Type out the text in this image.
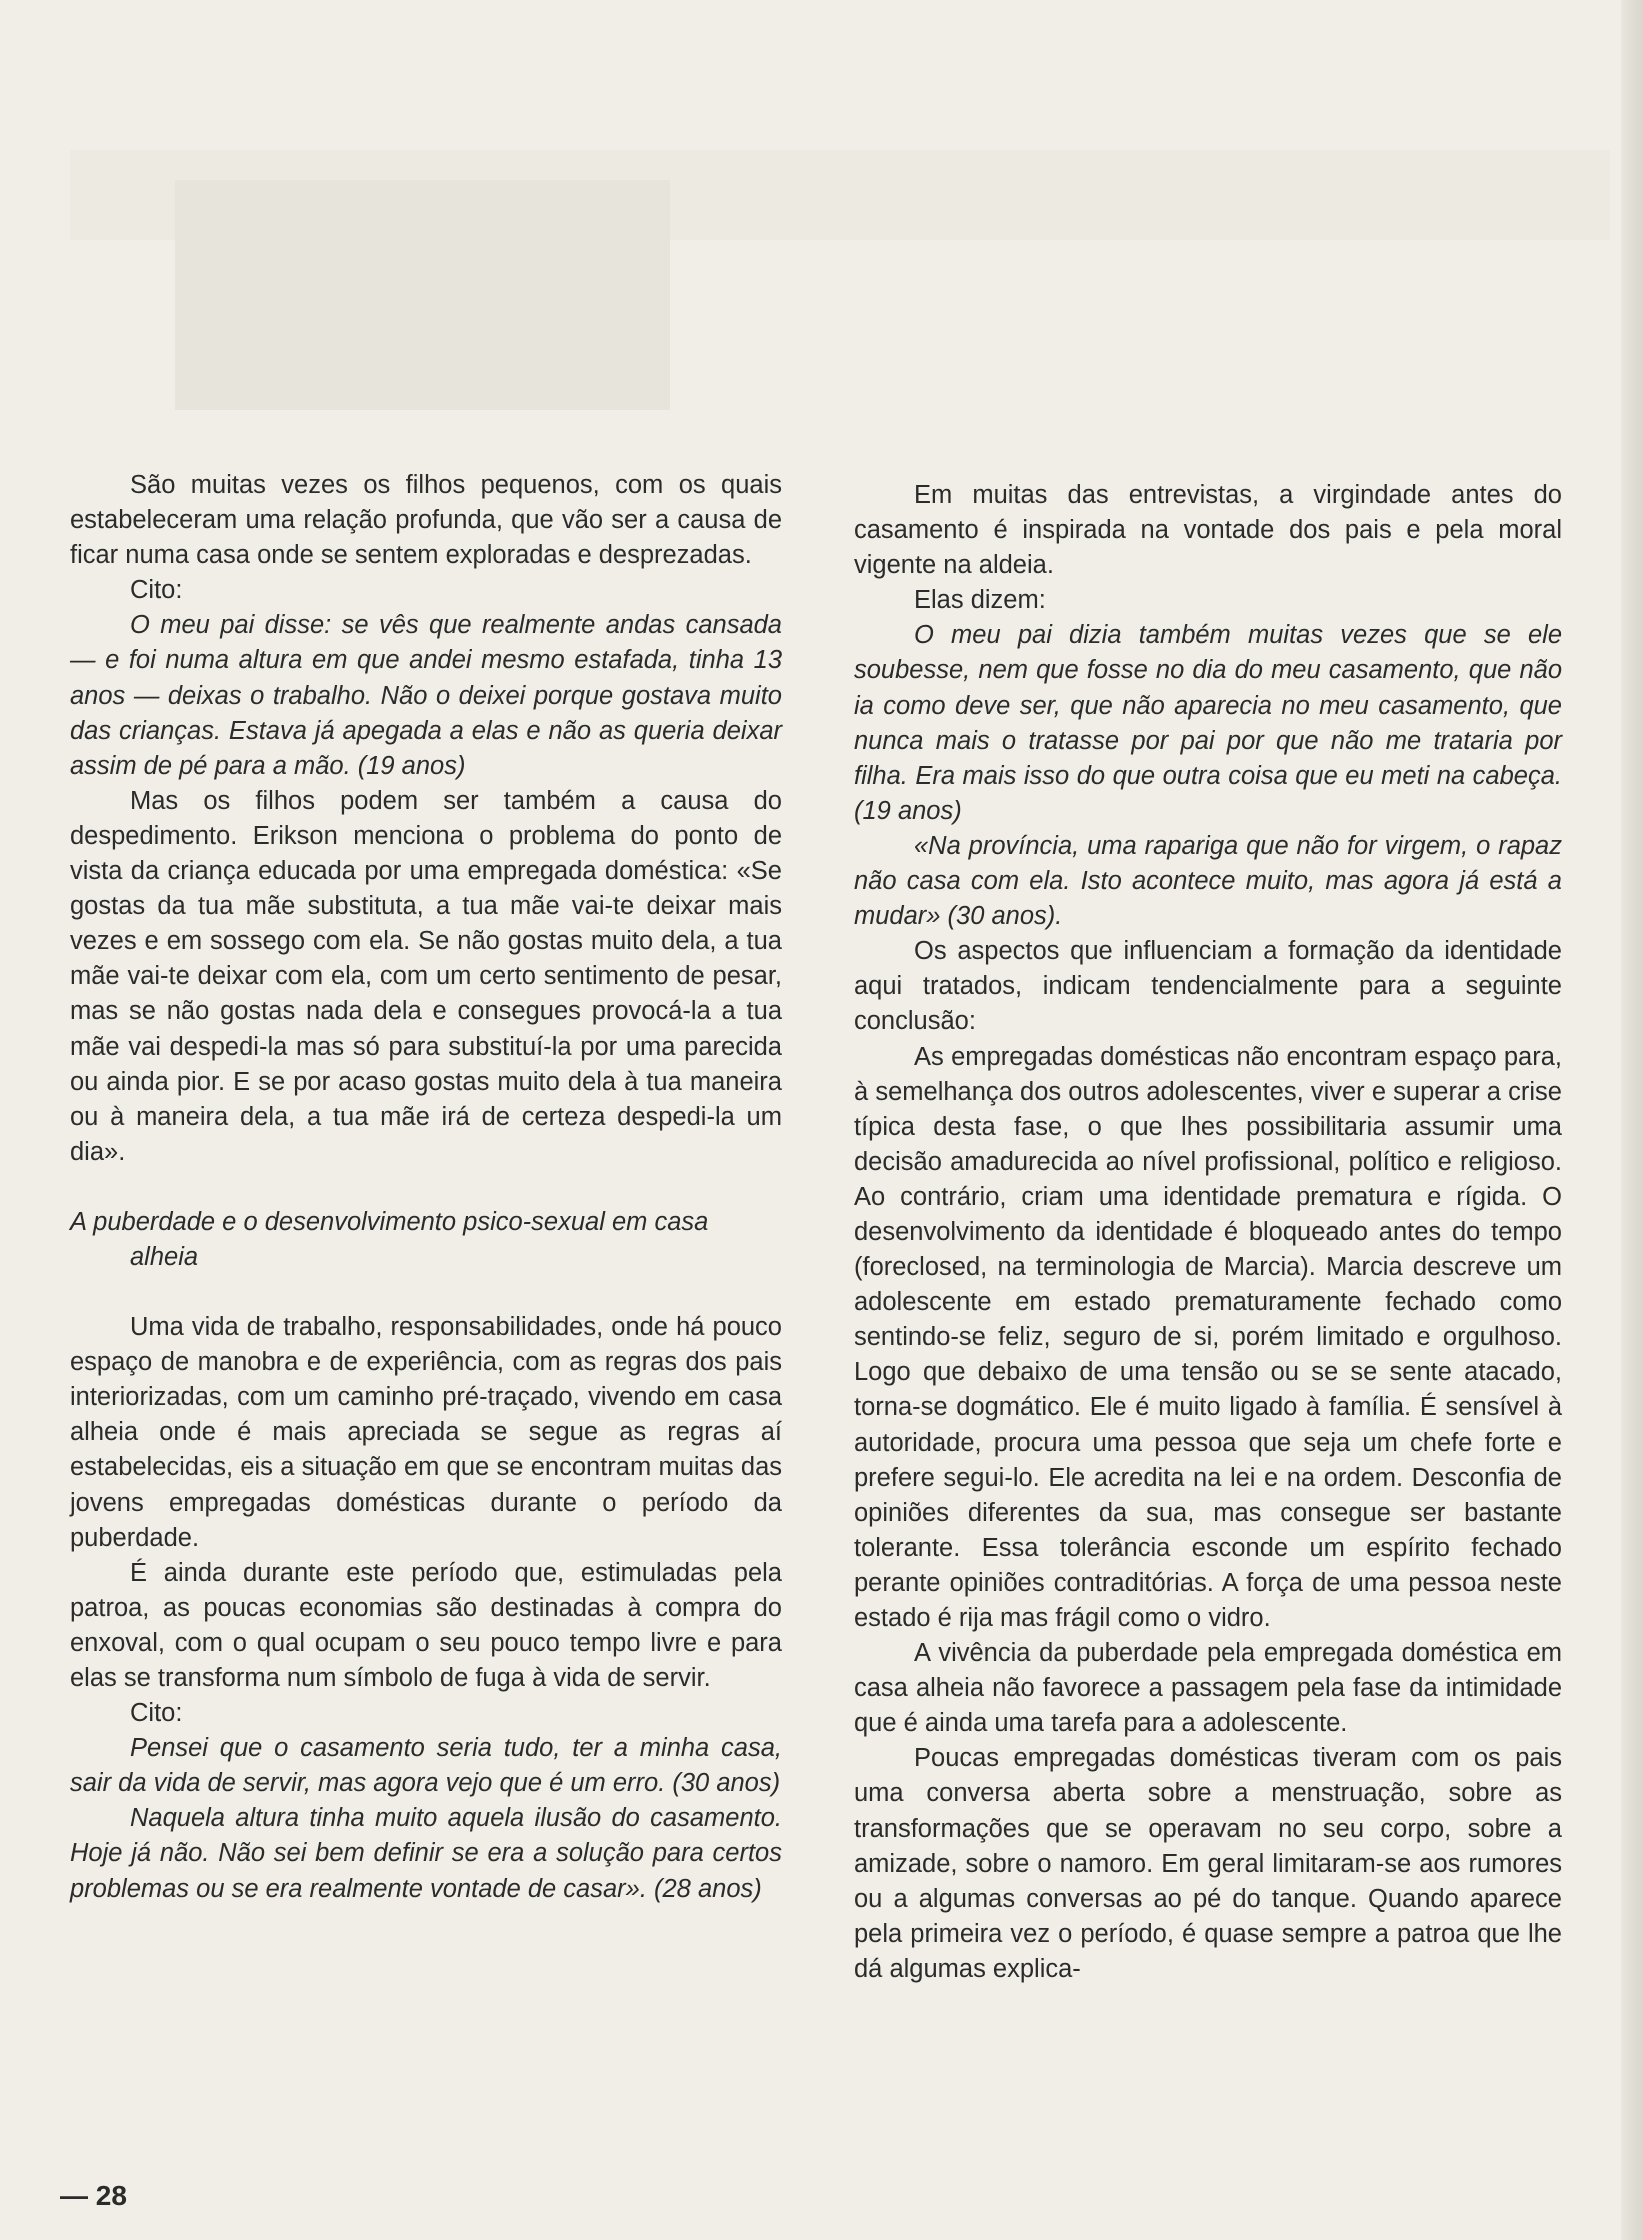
São muitas vezes os filhos pequenos, com os quais estabeleceram uma relação profunda, que vão ser a causa de ficar numa casa onde se sentem exploradas e desprezadas.

Cito:

O meu pai disse: se vês que realmente andas cansada — e foi numa altura em que andei mesmo estafada, tinha 13 anos — deixas o trabalho. Não o deixei porque gostava muito das crianças. Estava já apegada a elas e não as queria deixar assim de pé para a mão. (19 anos)

Mas os filhos podem ser também a causa do despedimento. Erikson menciona o problema do ponto de vista da criança educada por uma empregada doméstica: «Se gostas da tua mãe substituta, a tua mãe vai-te deixar mais vezes e em sossego com ela. Se não gostas muito dela, a tua mãe vai-te deixar com ela, com um certo sentimento de pesar, mas se não gostas nada dela e consegues provocá-la a tua mãe vai despedi-la mas só para substituí-la por uma parecida ou ainda pior. E se por acaso gostas muito dela à tua maneira ou à maneira dela, a tua mãe irá de certeza despedi-la um dia».

A puberdade e o desenvolvimento psico-sexual em casa alheia

Uma vida de trabalho, responsabilidades, onde há pouco espaço de manobra e de experiência, com as regras dos pais interiorizadas, com um caminho pré-traçado, vivendo em casa alheia onde é mais apreciada se segue as regras aí estabelecidas, eis a situação em que se encontram muitas das jovens empregadas domésticas durante o período da puberdade.

É ainda durante este período que, estimuladas pela patroa, as poucas economias são destinadas à compra do enxoval, com o qual ocupam o seu pouco tempo livre e para elas se transforma num símbolo de fuga à vida de servir.

Cito:

Pensei que o casamento seria tudo, ter a minha casa, sair da vida de servir, mas agora vejo que é um erro. (30 anos)

Naquela altura tinha muito aquela ilusão do casamento. Hoje já não. Não sei bem definir se era a solução para certos problemas ou se era realmente vontade de casar». (28 anos)

Em muitas das entrevistas, a virgindade antes do casamento é inspirada na vontade dos pais e pela moral vigente na aldeia.

Elas dizem:

O meu pai dizia também muitas vezes que se ele soubesse, nem que fosse no dia do meu casamento, que não ia como deve ser, que não aparecia no meu casamento, que nunca mais o tratasse por pai por que não me trataria por filha. Era mais isso do que outra coisa que eu meti na cabeça. (19 anos)

«Na província, uma rapariga que não for virgem, o rapaz não casa com ela. Isto acontece muito, mas agora já está a mudar» (30 anos).

Os aspectos que influenciam a formação da identidade aqui tratados, indicam tendencialmente para a seguinte conclusão:

As empregadas domésticas não encontram espaço para, à semelhança dos outros adolescentes, viver e superar a crise típica desta fase, o que lhes possibilitaria assumir uma decisão amadurecida ao nível profissional, político e religioso. Ao contrário, criam uma identidade prematura e rígida. O desenvolvimento da identidade é bloqueado antes do tempo (foreclosed, na terminologia de Marcia). Marcia descreve um adolescente em estado prematuramente fechado como sentindo-se feliz, seguro de si, porém limitado e orgulhoso. Logo que debaixo de uma tensão ou se se sente atacado, torna-se dogmático. Ele é muito ligado à família. É sensível à autoridade, procura uma pessoa que seja um chefe forte e prefere segui-lo. Ele acredita na lei e na ordem. Desconfia de opiniões diferentes da sua, mas consegue ser bastante tolerante. Essa tolerância esconde um espírito fechado perante opiniões contraditórias. A força de uma pessoa neste estado é rija mas frágil como o vidro.

A vivência da puberdade pela empregada doméstica em casa alheia não favorece a passagem pela fase da intimidade que é ainda uma tarefa para a adolescente.

Poucas empregadas domésticas tiveram com os pais uma conversa aberta sobre a menstruação, sobre as transformações que se operavam no seu corpo, sobre a amizade, sobre o namoro. Em geral limitaram-se aos rumores ou a algumas conversas ao pé do tanque. Quando aparece pela primeira vez o período, é quase sempre a patroa que lhe dá algumas explica-

— 28
